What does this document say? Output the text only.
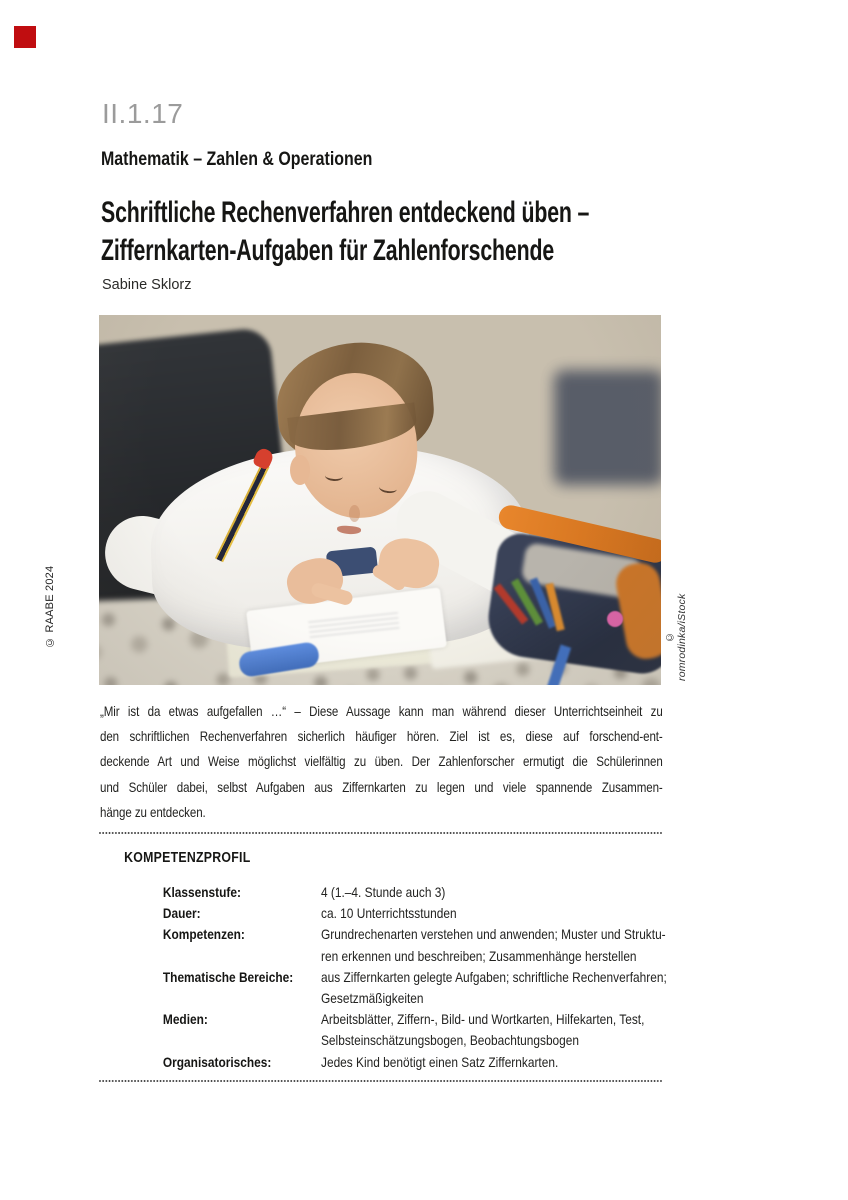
II.1.17
Mathematik – Zahlen & Operationen
Schriftliche Rechenverfahren entdeckend üben –
Ziffernkarten-Aufgaben für Zahlenforschende
Sabine Sklorz
© RAABE 2024	© romrodinka/iStock
„Mir ist da etwas aufgefallen …“ – Diese Aussage kann man während dieser Unterrichtseinheit zu
den schriftlichen Rechenverfahren sicherlich häufiger hören. Ziel ist es, diese auf forschend-ent-
deckende Art und Weise möglichst vielfältig zu üben. Der Zahlenforscher ermutigt die Schülerinnen
und Schüler dabei, selbst Aufgaben aus Ziffernkarten zu legen und viele spannende Zusammen-
hänge zu entdecken.
KOMPETENZPROFIL
Klassenstufe:	4 (1.–4. Stunde auch 3)
Dauer:	ca. 10 Unterrichtsstunden
Kompetenzen:	Grundrechenarten verstehen und anwenden; Muster und Struktu-
ren erkennen und beschreiben; Zusammenhänge herstellen
Thematische Bereiche:	aus Ziffernkarten gelegte Aufgaben; schriftliche Rechenverfahren;
Gesetzmäßigkeiten
Medien:	Arbeitsblätter, Ziffern-, Bild- und Wortkarten, Hilfekarten, Test,
Selbsteinschätzungsbogen, Beobachtungsbogen
Organisatorisches:	Jedes Kind benötigt einen Satz Ziffernkarten.
